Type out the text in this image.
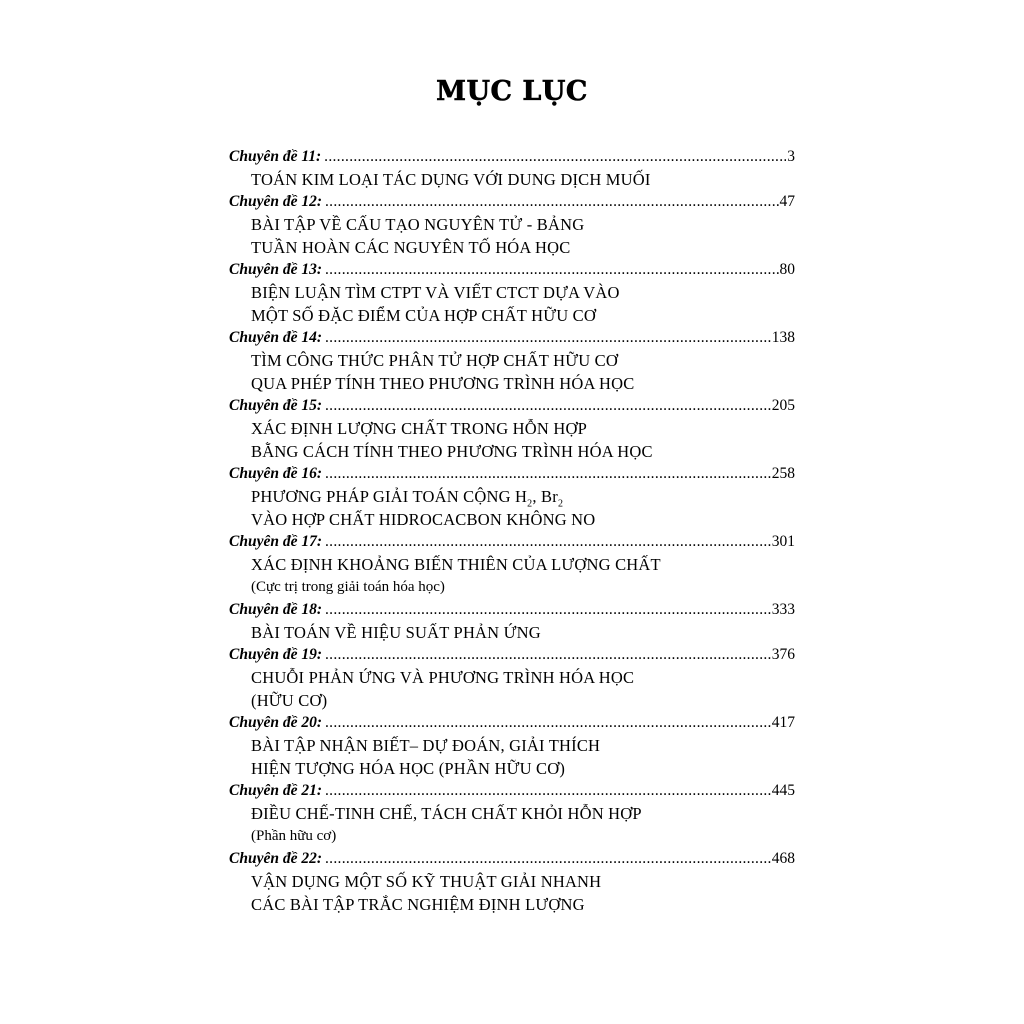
MỤC LỤC
Chuyên đề 11: .....	3
TOÁN KIM LOẠI TÁC DỤNG VỚI DUNG DỊCH MUỐI
Chuyên đề 12: .....	47
BÀI TẬP VỀ CẤU TẠO NGUYÊN TỬ - BẢNG
TUẦN HOÀN CÁC NGUYÊN TỐ HÓA HỌC
Chuyên đề 13: .....	80
BIỆN LUẬN TÌM CTPT VÀ VIẾT CTCT DỰA VÀO
MỘT SỐ ĐẶC ĐIỂM CỦA HỢP CHẤT HỮU CƠ
Chuyên đề 14: .....	138
TÌM CÔNG THỨC PHÂN TỬ HỢP CHẤT HỮU CƠ
QUA PHÉP TÍNH THEO PHƯƠNG TRÌNH HÓA HỌC
Chuyên đề 15: .....	205
XÁC ĐỊNH LƯỢNG CHẤT TRONG HỖN HỢP
BẰNG CÁCH TÍNH THEO PHƯƠNG TRÌNH HÓA HỌC
Chuyên đề 16: .....	258
PHƯƠNG PHÁP GIẢI TOÁN CỘNG $H_2$, $Br_2$
VÀO HỢP CHẤT HIDROCACBON KHÔNG NO
Chuyên đề 17: .....	301
XÁC ĐỊNH KHOẢNG BIẾN THIÊN CỦA LƯỢNG CHẤT
(Cực trị trong giải toán hóa học)
Chuyên đề 18: .....	333
BÀI TOÁN VỀ HIỆU SUẤT PHẢN ỨNG
Chuyên đề 19: .....	376
CHUỖI PHẢN ỨNG VÀ PHƯƠNG TRÌNH HÓA HỌC
(HỮU CƠ)
Chuyên đề 20: .....	417
BÀI TẬP NHẬN BIẾT– DỰ ĐOÁN, GIẢI THÍCH
HIỆN TƯỢNG HÓA HỌC (PHẦN HỮU CƠ)
Chuyên đề 21: .....	445
ĐIỀU CHẾ-TINH CHẾ, TÁCH CHẤT KHỎI HỖN HỢP
(Phần hữu cơ)
Chuyên đề 22: .....	468
VẬN DỤNG MỘT SỐ KỸ THUẬT GIẢI NHANH
CÁC BÀI TẬP TRẮC NGHIỆM ĐỊNH LƯỢNG
